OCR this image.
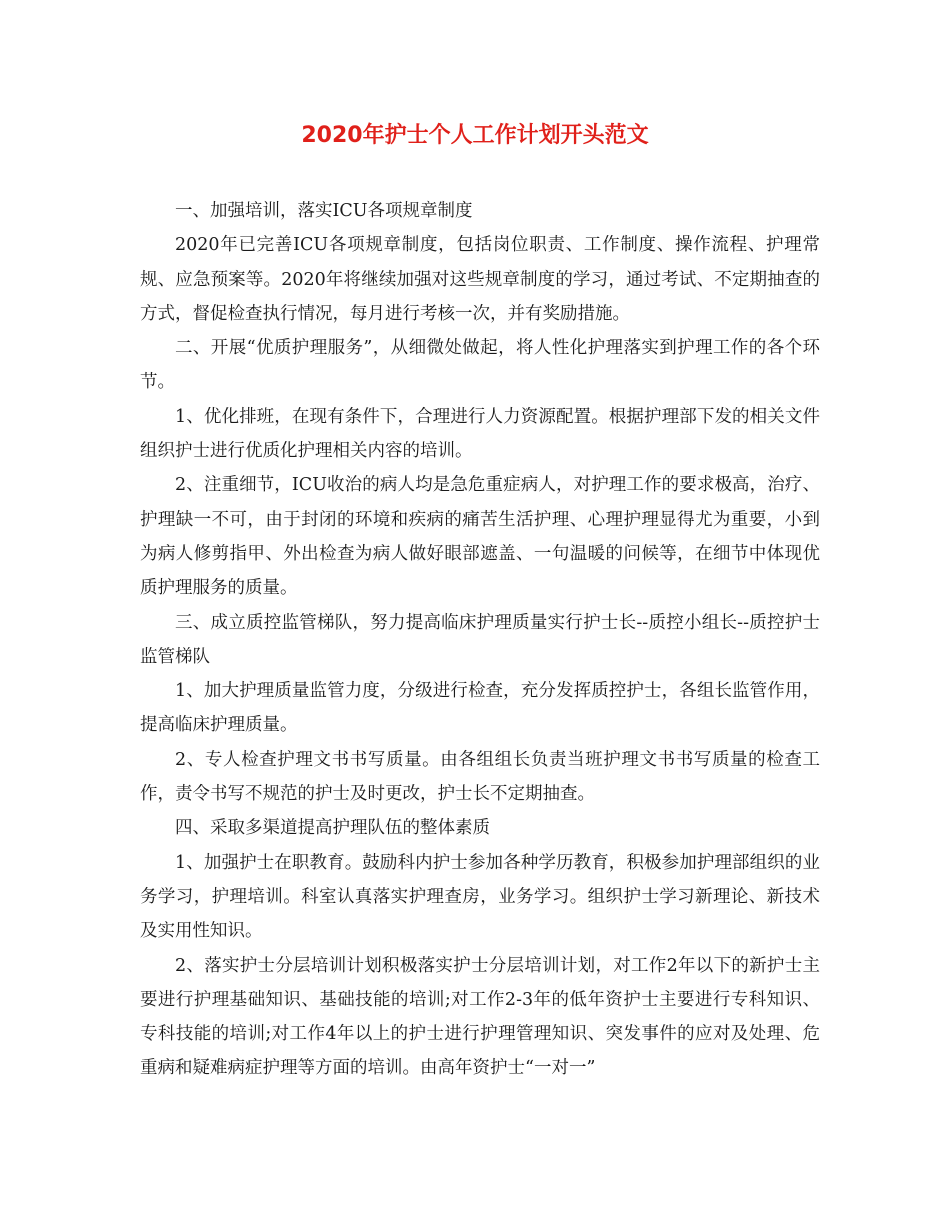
2020年护士个人工作计划开头范文

一、加强培训，落实ICU各项规章制度

2020年已完善ICU各项规章制度，包括岗位职责、工作制度、操作流程、护理常规、应急预案等。2020年将继续加强对这些规章制度的学习，通过考试、不定期抽查的方式，督促检查执行情况，每月进行考核一次，并有奖励措施。

二、开展“优质护理服务”，从细微处做起，将人性化护理落实到护理工作的各个环节。

1、优化排班，在现有条件下，合理进行人力资源配置。根据护理部下发的相关文件组织护士进行优质化护理相关内容的培训。

2、注重细节，ICU收治的病人均是急危重症病人，对护理工作的要求极高，治疗、护理缺一不可，由于封闭的环境和疾病的痛苦生活护理、心理护理显得尤为重要，小到为病人修剪指甲、外出检查为病人做好眼部遮盖、一句温暖的问候等，在细节中体现优质护理服务的质量。

三、成立质控监管梯队，努力提高临床护理质量实行护士长--质控小组长--质控护士监管梯队

1、加大护理质量监管力度，分级进行检查，充分发挥质控护士，各组长监管作用，提高临床护理质量。

2、专人检查护理文书书写质量。由各组组长负责当班护理文书书写质量的检查工作，责令书写不规范的护士及时更改，护士长不定期抽查。

四、采取多渠道提高护理队伍的整体素质

1、加强护士在职教育。鼓励科内护士参加各种学历教育，积极参加护理部组织的业务学习，护理培训。科室认真落实护理查房，业务学习。组织护士学习新理论、新技术及实用性知识。

2、落实护士分层培训计划积极落实护士分层培训计划，对工作2年以下的新护士主要进行护理基础知识、基础技能的培训;对工作2-3年的低年资护士主要进行专科知识、专科技能的培训;对工作4年以上的护士进行护理管理知识、突发事件的应对及处理、危重病和疑难病症护理等方面的培训。由高年资护士“一对一”
